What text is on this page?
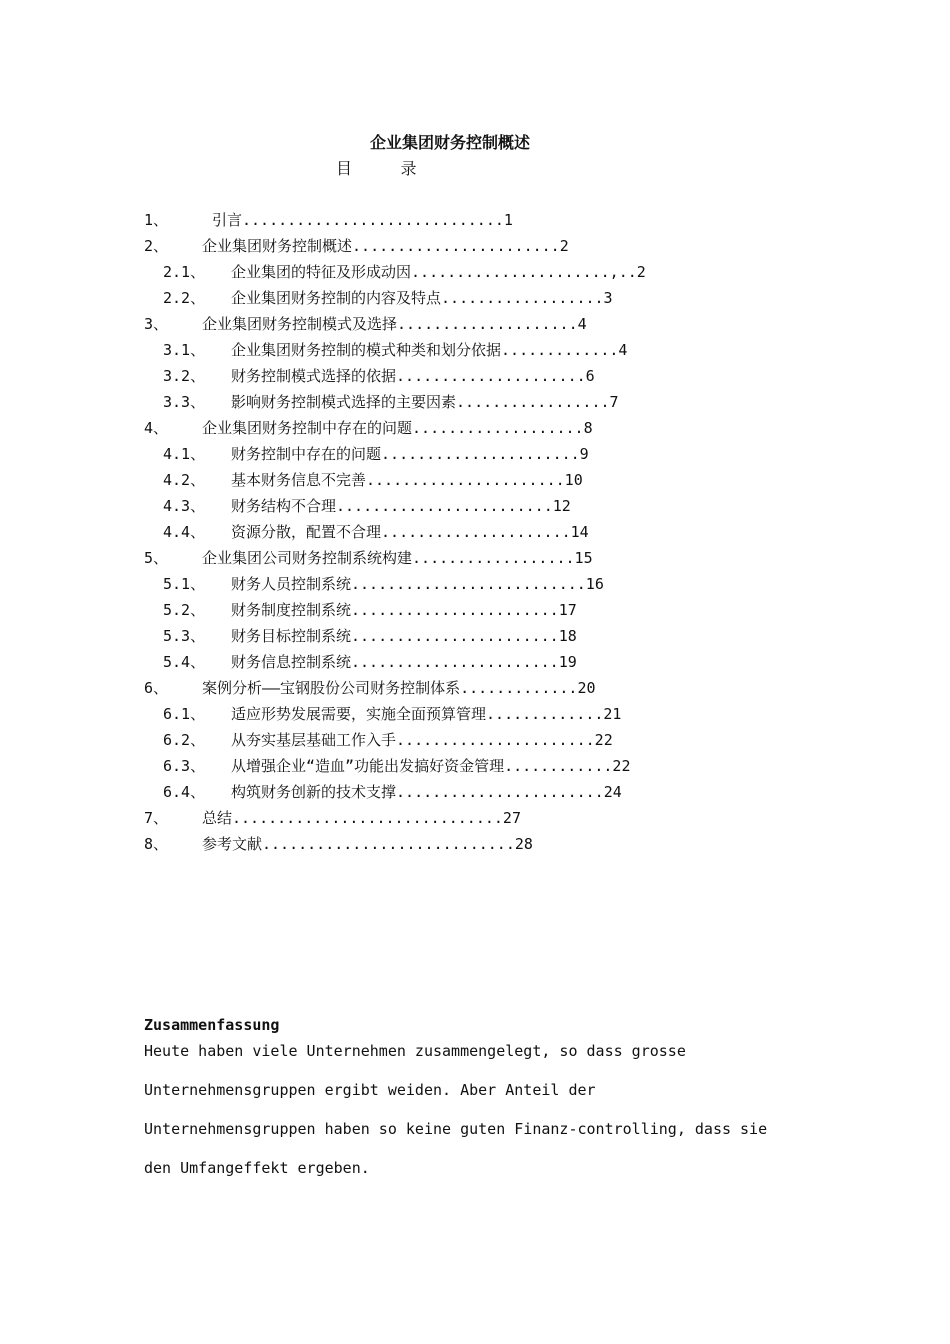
企业集团财务控制概述
目    录
1、	引言.............................1
2、 企业集团财务控制概述.......................2
2.1、 企业集团的特征及形成动因......................,..2
2.2、 企业集团财务控制的内容及特点..................3
3、 企业集团财务控制模式及选择....................4
3.1、 企业集团财务控制的模式种类和划分依据.............4
3.2、 财务控制模式选择的依据.....................6
3.3、 影响财务控制模式选择的主要因素.................7
4、 企业集团财务控制中存在的问题...................8
4.1、 财务控制中存在的问题......................9
4.2、 基本财务信息不完善......................10
4.3、 财务结构不合理........................12
4.4、 资源分散，配置不合理.....................14
5、 企业集团公司财务控制系统构建..................15
5.1、 财务人员控制系统..........................16
5.2、 财务制度控制系统.......................17
5.3、 财务目标控制系统.......................18
5.4、 财务信息控制系统.......................19
6、 案例分析——宝钢股份公司财务控制体系.............20
6.1、 适应形势发展需要，实施全面预算管理.............21
6.2、 从夯实基层基础工作入手......................22
6.3、 从增强企业“造血”功能出发搞好资金管理............22
6.4、 构筑财务创新的技术支撑.......................24
7、 总结..............................27
8、 参考文献............................28
Zusammenfassung
Heute haben viele Unternehmen zusammengelegt, so dass grosse
Unternehmensgruppen ergibt weiden. Aber Anteil der
Unternehmensgruppen haben so keine guten Finanz-controlling, dass sie
den Umfangeffekt ergeben.
